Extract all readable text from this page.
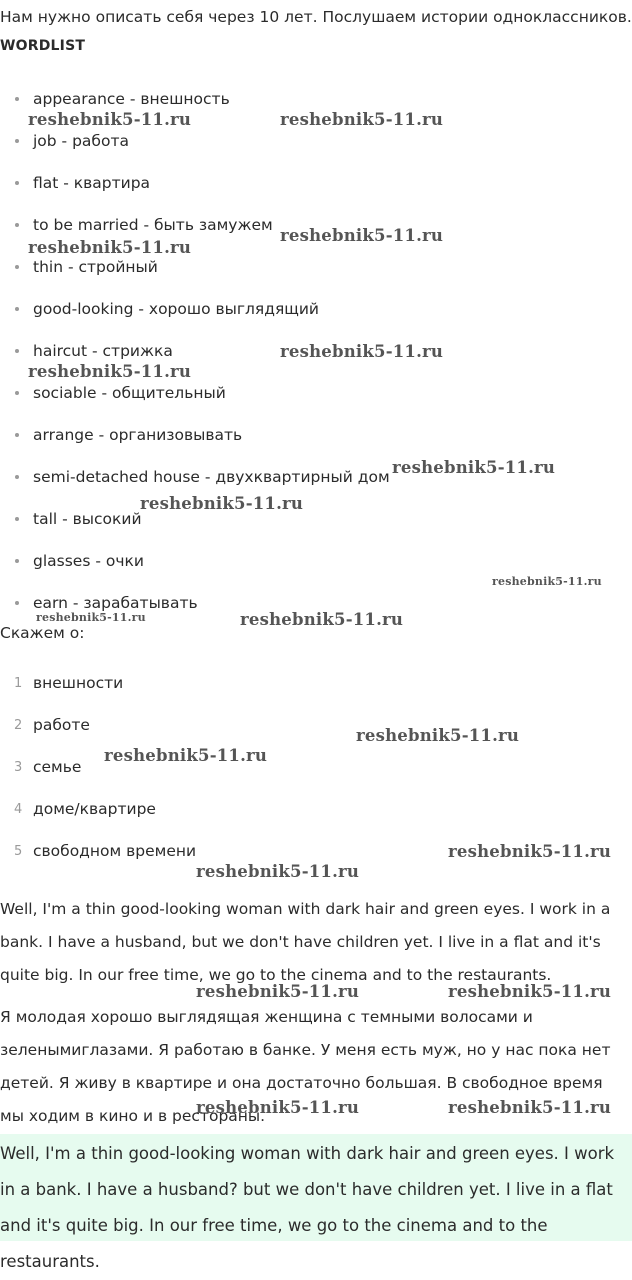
Нам нужно описать себя через 10 лет. Послушаем истории одноклассников.
WORDLIST
appearance - внешность
job - работа
flat - квартира
to be married - быть замужем
thin - стройный
good-looking - хорошо выглядящий
haircut - стрижка
sociable - общительный
arrange - организовывать
semi-detached house - двухквартирный дом
tall - высокий
glasses - очки
earn - зарабатывать
Скажем о:
1 внешности
2 работе
3 семье
4 доме/квартире
5 свободном времени

Well, I'm a thin good-looking woman with dark hair and green eyes. I work in a bank. I have a husband, but we don't have children yet. I live in a flat and it's quite big. In our free time, we go to the cinema and to the restaurants.

Я молодая хорошо выглядящая женщина с темными волосами и зеленымиглазами. Я работаю в банке. У меня есть муж, но у нас пока нет детей. Я живу в квартире и она достаточно большая. В свободное время мы ходим в кино и в рестораны.

Well, I'm a thin good-looking woman with dark hair and green eyes. I work in a bank. I have a husband? but we don't have children yet. I live in a flat and it's quite big. In our free time, we go to the cinema and to the restaurants.

reshebnik5-11.ru	reshebnik5-11.ru
reshebnik5-11.ru
reshebnik5-11.ru
reshebnik5-11.ru
reshebnik5-11.ru
reshebnik5-11.ru
reshebnik5-11.ru
reshebnik5-11.ru
reshebnik5-11.ru	reshebnik5-11.ru
reshebnik5-11.ru
reshebnik5-11.ru
reshebnik5-11.ru
reshebnik5-11.ru
reshebnik5-11.ru	reshebnik5-11.ru
reshebnik5-11.ru	reshebnik5-11.ru
